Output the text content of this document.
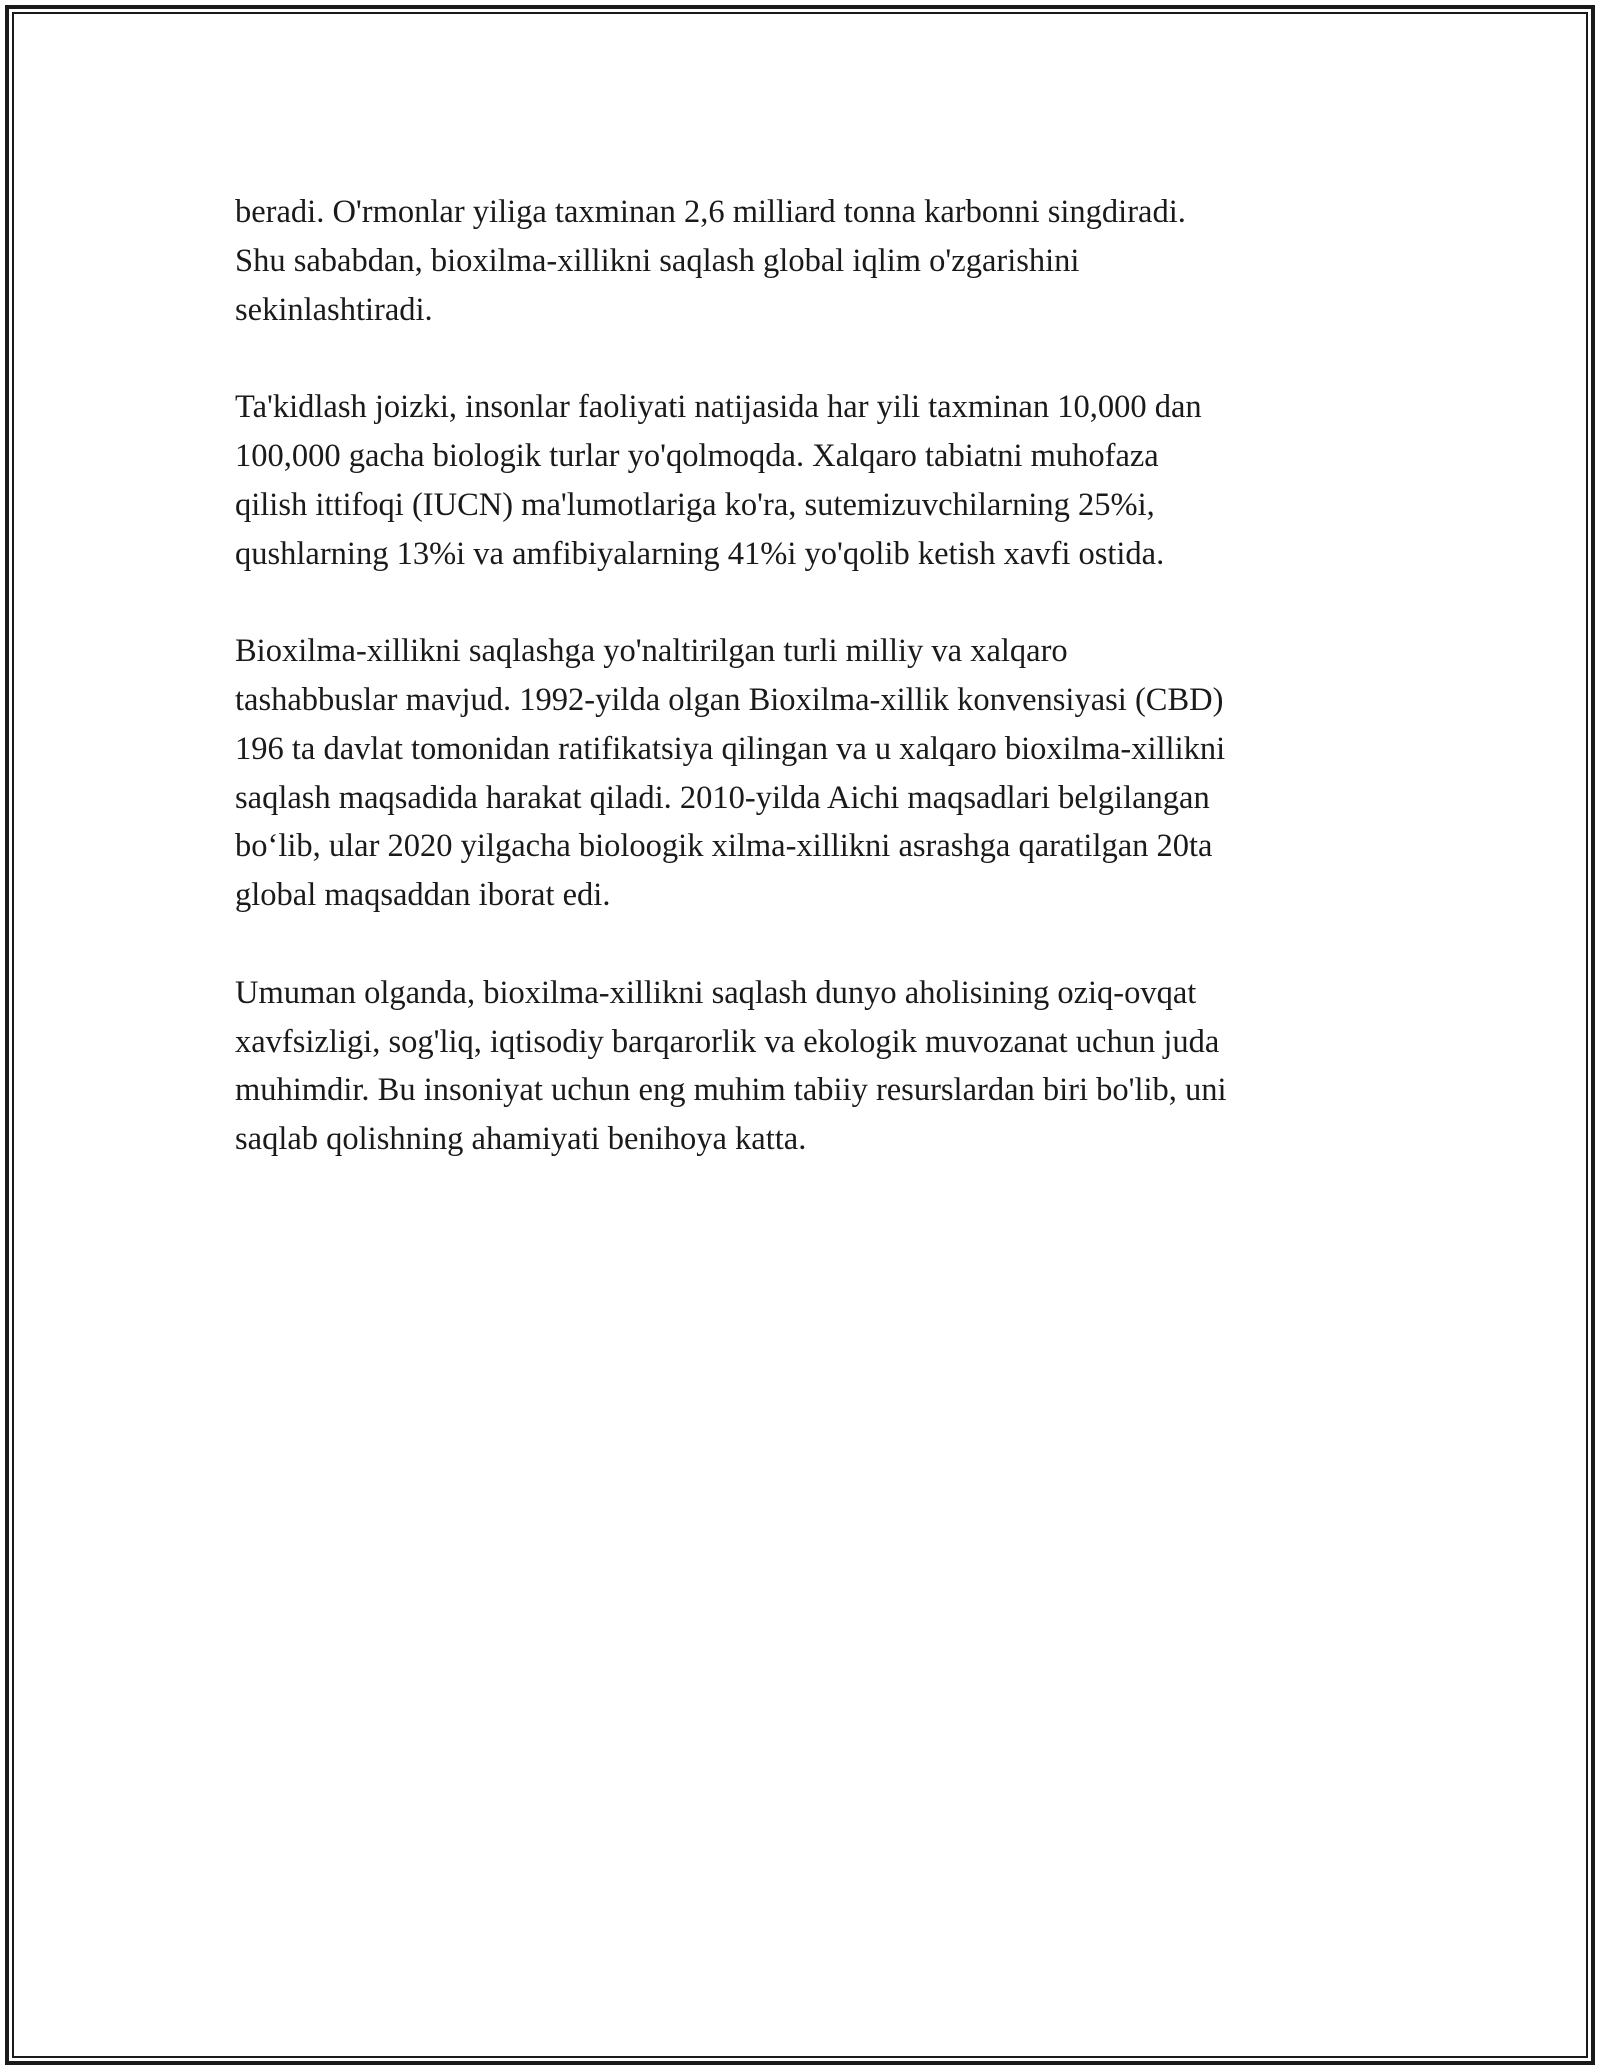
beradi. O'rmonlar yiliga taxminan 2,6 milliard tonna karbonni singdiradi.
Shu sababdan, bioxilma-xillikni saqlash global iqlim o'zgarishini
sekinlashtiradi.

Ta'kidlash joizki, insonlar faoliyati natijasida har yili taxminan 10,000 dan
100,000 gacha biologik turlar yo'qolmoqda. Xalqaro tabiatni muhofaza
qilish ittifoqi (IUCN) ma'lumotlariga ko'ra, sutemizuvchilarning 25%i,
qushlarning 13%i va amfibiyalarning 41%i yo'qolib ketish xavfi ostida.

Bioxilma-xillikni saqlashga yo'naltirilgan turli milliy va xalqaro
tashabbuslar mavjud. 1992-yilda olgan Bioxilma-xillik konvensiyasi (CBD)
196 ta davlat tomonidan ratifikatsiya qilingan va u xalqaro bioxilma-xillikni
saqlash maqsadida harakat qiladi. 2010-yilda Aichi maqsadlari belgilangan
bo‘lib, ular 2020 yilgacha bioloogik xilma-xillikni asrashga qaratilgan 20ta
global maqsaddan iborat edi.

Umuman olganda, bioxilma-xillikni saqlash dunyo aholisining oziq-ovqat
xavfsizligi, sog'liq, iqtisodiy barqarorlik va ekologik muvozanat uchun juda
muhimdir. Bu insoniyat uchun eng muhim tabiiy resurslardan biri bo'lib, uni
saqlab qolishning ahamiyati benihoya katta.
